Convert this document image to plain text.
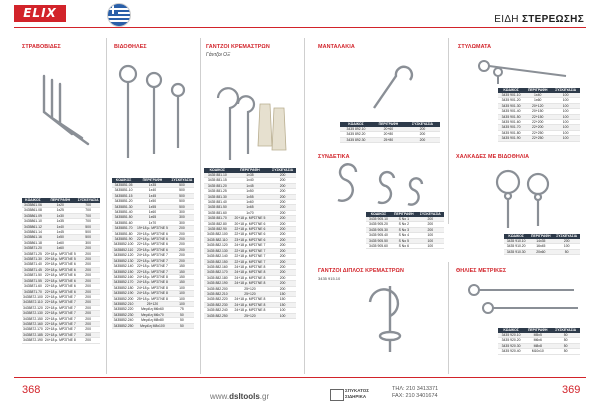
ELIX	ΕΙΔΗ ΣΤΕΡΕΩΣΗΣ
ΣΤΡΑΒΟΒΙΔΕΣ
ΚΩΔΙΚΟΣ	ΠΕΡΙΓΡΑΦΗ	ΣΥΣΚΕΥΑΣΙΑ
3435861.06	1x20	700
3435861.08	1x25	700
3435861.09	1x30	700
3435861.10	1x35	700
3435861.12	1x40	500
3435861.14	1x45	500
3435861.16	1x50	500
3435861.18	1x60	300
3435871.20	1x60	200
3435871.25	20+18 μ. ΜΡΣΓΝΕ 5	200
3435871.30	20+18 μ. ΜΡΣΓΝΕ 5	200
3435871.40	20+18 μ. ΜΡΣΓΝΕ 6	200
3435871.45	20+18 μ. ΜΡΣΓΝΕ 6	200
3435871.50	22+18 μ. ΜΡΣΓΝΕ 6	200
3435871.55	22+18 μ. ΜΡΣΓΝΕ 6	200
3435871.60	22+18 μ. ΜΡΣΓΝΕ 6	200
3435871.70	22+18 μ. ΜΡΣΓΝΕ 6	200
3435872.100	22+18 μ. ΜΡΣΓΝΕ 7	200
3435872.110	22+18 μ. ΜΡΣΓΝΕ 7	200
3435872.120	22+18 μ. ΜΡΣΓΝΕ 7	200
3435872.130	22+18 μ. ΜΡΣΓΝΕ 7	200
3435872.150	22+18 μ. ΜΡΣΓΝΕ 7	200
3435872.160	22+18 μ. ΜΡΣΓΝΕ 7	200
3435872.170	22+18 μ. ΜΡΣΓΝΕ 7	200
3435872.185	22+18 μ. ΜΡΣΓΝΕ 7	200
3435872.190	24+18 μ. ΜΡΣΓΝΕ 8	200
ΒΙΔΟΘΗΛΕΣ
ΚΩΔΙΚΟΣ	ΠΕΡΙΓΡΑΦΗ	ΣΥΣΚΕΥΑΣΙΑ
3435851.05	1x35	500
3435851.10	1x40	500
3435851.15	1x45	500
3435851.20	1x50	500
3435851.30	1x55	500
3435851.40	1x60	300
3435851.50	1x65	300
3435851.60	1x70	300
3435851.70	19+18 μ. ΜΡΣΓΝΕ 5	200
3435851.80	20+18 μ. ΜΡΣΓΝΕ 6	200
3435851.90	22+18 μ. ΜΡΣΓΝΕ 6	200
3435852.100	22+18 μ. ΜΡΣΓΝΕ 6	200
3435852.110	23+18 μ. ΜΡΣΓΝΕ 6	200
3435852.120	24+18 μ. ΜΡΣΓΝΕ 7	200
3435852.130	22+18 μ. ΜΡΣΓΝΕ 7	200
3435852.140	22+18 μ. ΜΡΣΓΝΕ 7	150
3435852.150	22+18 μ. ΜΡΣΓΝΕ 7	150
3435852.160	24+18 μ. ΜΡΣΓΝΕ 8	150
3435852.170	24+18 μ. ΜΡΣΓΝΕ 8	150
3435852.180	24+18 μ. ΜΡΣΓΝΕ 8	100
3435852.190	24+18 μ. ΜΡΣΓΝΕ 8	100
3435852.200	25+18 μ. ΜΡΣΓΝΕ 8	100
3435852.210	25+120	100
3435852.220	Μεγάλη Μ6x60	75
3435852.230	Μεγάλη Μ6x70	50
3435852.240	Μεγάλη Μ8x80	50
3435852.250	Μεγάλη Μ8x100	50
ΓΑΝΤΖΟΙ ΚΡΕΜΑΣΤΡΩΝ
Γάντζοι ΟΞ
ΚΩΔΙΚΟΣ	ΠΕΡΙΓΡΑΦΗ	ΣΥΣΚΕΥΑΣΙΑ
3435 881.10	1x35	200
3435 881.15	1x40	200
3435 881.20	1x45	200
3435 881.25	1x50	200
3435 881.30	1x55	200
3435 881.40	1x60	200
3435 881.50	1x65	200
3435 881.60	1x70	200
3435 881.70	20+18 μ. ΜΡΣΓΝΕ 5	200
3435 882.80	20+18 μ. ΜΡΣΓΝΕ 6	200
3435 882.90	22+18 μ. ΜΡΣΓΝΕ 6	200
3435 882.100	22+18 μ. ΜΡΣΓΝΕ 6	200
3435 882.110	23+18 μ. ΜΡΣΓΝΕ 6	200
3435 882.120	24+18 μ. ΜΡΣΓΝΕ 7	200
3435 882.130	22+18 μ. ΜΡΣΓΝΕ 7	200
3435 882.140	22+18 μ. ΜΡΣΓΝΕ 7	200
3435 882.150	22+18 μ. ΜΡΣΓΝΕ 7	200
3435 882.160	24+18 μ. ΜΡΣΓΝΕ 8	200
3435 882.170	24+18 μ. ΜΡΣΓΝΕ 8	200
3435 882.180	24+18 μ. ΜΡΣΓΝΕ 8	200
3435 882.190	24+18 μ. ΜΡΣΓΝΕ 8	200
3435 882.200	25+120	200
3435 882.210	25+120	150
3435 882.220	24+18 μ. ΜΡΣΓΝΕ 8	150
3435 882.230	24+18 μ. ΜΡΣΓΝΕ 8	150
3435 882.240	24+18 μ. ΜΡΣΓΝΕ 8	100
3435 882.250	25+120	100
ΜΑΝΤΑΛΑΚΙΑ
ΚΩΔΙΚΟΣ	ΠΕΡΙΓΡΑΦΗ	ΣΥΣΚΕΥΑΣΙΑ
3435 892.10	20+60	200
3435 892.20	20+80	200
3435 892.30	25+80	200
ΣΤΥΛΩΜΑΤΑ
ΚΩΔΙΚΟΣ	ΠΕΡΙΓΡΑΦΗ	ΣΥΣΚΕΥΑΣΙΑ
3435 901.10	1x40	100
3435 901.20	1x60	100
3435 901.30	20+120	100
3435 901.40	20+150	100
3435 901.50	22+150	100
3435 901.60	22+200	100
3435 901.70	22+200	100
3435 901.80	22+250	100
3435 901.90	22+250	100
ΣΥΝΔΕΤΙΚΑ
ΚΩΔΙΚΟΣ	ΠΕΡΙΓΡΑΦΗ	ΣΥΣΚΕΥΑΣΙΑ
3435 905.10	S No 1	200
3435 905.20	S No 2	200
3435 905.30	S No 3	200
3435 905.40	S No 4	100
3435 905.50	S No 5	100
3435 905.60	S No 6	100
ΧΑΛΚΑΔΕΣ ΜΕ ΒΙΔΟΘΗΛΙΑ
ΚΩΔΙΚΟΣ	ΠΕΡΙΓΡΑΦΗ	ΣΥΣΚΕΥΑΣΙΑ
3435 910.10	14x35	200
3435 910.20	16x45	100
3435 910.30	20x60	50
ΓΑΝΤΖΟΙ ΔΙΠΛΟΣ ΚΡΕΜΑΣΤΡΩΝ
3435 915.10
ΘΗΛΙΕΣ ΜΕΤΡΙΚΕΣ
ΚΩΔΙΚΟΣ	ΠΕΡΙΓΡΑΦΗ	ΣΥΣΚΕΥΑΣΙΑ
3435 920.10	Μ5x5	50
3435 920.20	Μ6x6	50
3435 920.30	Μ8x8	50
3435 920.40	Μ10x10	50
368
www.dsltools.gr
ΣΠΥΚΑΤΟΣ
ΣΙΔΗΡΙΚΑ
ΤΗΛ: 210 3413371
FAX: 210 3401674	369
